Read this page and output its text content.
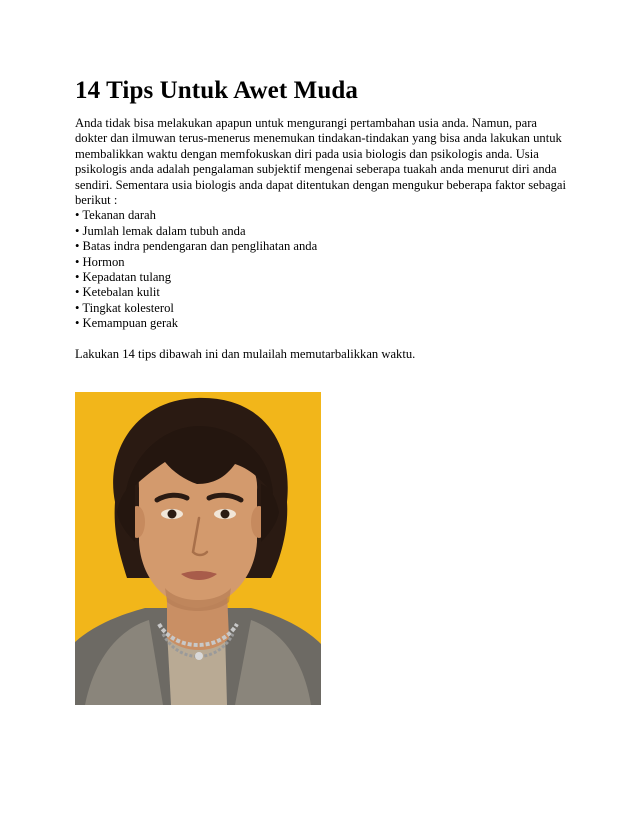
14 Tips Untuk Awet Muda

Anda tidak bisa melakukan apapun untuk mengurangi pertambahan usia anda. Namun, para
dokter dan ilmuwan terus-menerus menemukan tindakan-tindakan yang bisa anda lakukan untuk
membalikkan waktu dengan memfokuskan diri pada usia biologis dan psikologis anda. Usia
psikologis anda adalah pengalaman subjektif mengenai seberapa tuakah anda menurut diri anda
sendiri. Sementara usia biologis anda dapat ditentukan dengan mengukur beberapa faktor sebagai
berikut :

• Tekanan darah
• Jumlah lemak dalam tubuh anda
• Batas indra pendengaran dan penglihatan anda
• Hormon
• Kepadatan tulang
• Ketebalan kulit
• Tingkat kolesterol
• Kemampuan gerak

Lakukan 14 tips dibawah ini dan mulailah memutarbalikkan waktu.
